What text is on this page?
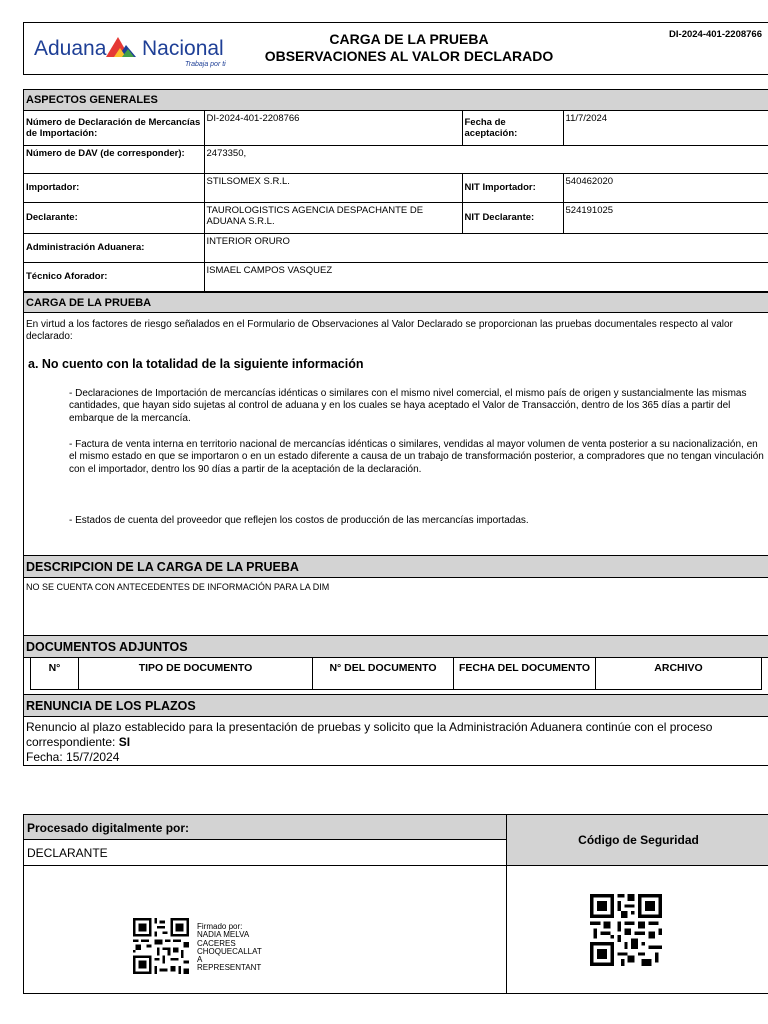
Aduana Nacional
Trabaja por ti
CARGA DE LA PRUEBA
OBSERVACIONES AL VALOR DECLARADO
DI-2024-401-2208766
ASPECTOS GENERALES
Número de Declaración de Mercancías de Importación:	DI-2024-401-2208766	Fecha de aceptación:	11/7/2024
Número de DAV (de corresponder):	2473350,		
Importador:	STILSOMEX S.R.L.	NIT Importador:	540462020
Declarante:	TAUROLOGISTICS AGENCIA DESPACHANTE DE ADUANA S.R.L.	NIT Declarante:	524191025
Administración Aduanera:	INTERIOR ORURO		
Técnico Aforador:	ISMAEL CAMPOS VASQUEZ		
CARGA DE LA PRUEBA
En virtud a los factores de riesgo señalados en el Formulario de Observaciones al Valor Declarado se proporcionan las pruebas documentales respecto al valor declarado:
a. No cuento con la totalidad de la siguiente información
- Declaraciones de Importación de mercancías idénticas o similares con el mismo nivel comercial, el mismo país de origen y sustancialmente las mismas cantidades, que hayan sido sujetas al control de aduana y en los cuales se haya aceptado el Valor de Transacción, dentro de los 365 días a partir del embarque de la mercancía.
- Factura de venta interna en territorio nacional de mercancías idénticas o similares, vendidas al mayor volumen de venta posterior a su nacionalización, en el mismo estado en que se importaron o en un estado diferente a causa de un trabajo de transformación posterior, a compradores que no tengan vinculación con el importador, dentro los 90 días a partir de la aceptación de la declaración.
- Estados de cuenta del proveedor que reflejen los costos de producción de las mercancías importadas.
DESCRIPCION DE LA CARGA DE LA PRUEBA
NO SE CUENTA CON ANTECEDENTES DE INFORMACIÓN PARA LA DIM
DOCUMENTOS ADJUNTOS
N°	TIPO DE DOCUMENTO	N° DEL DOCUMENTO	FECHA DEL DOCUMENTO	ARCHIVO
RENUNCIA DE LOS PLAZOS
Renuncio al plazo establecido para la presentación de pruebas y solicito que la Administración Aduanera continúe con el proceso correspondiente: SI
Fecha: 15/7/2024
Procesado digitalmente por:
DECLARANTE
Código de Seguridad
Firmado por:
NADIA MELVA
CACERES
CHOQUECALLAT
A
REPRESENTANT
